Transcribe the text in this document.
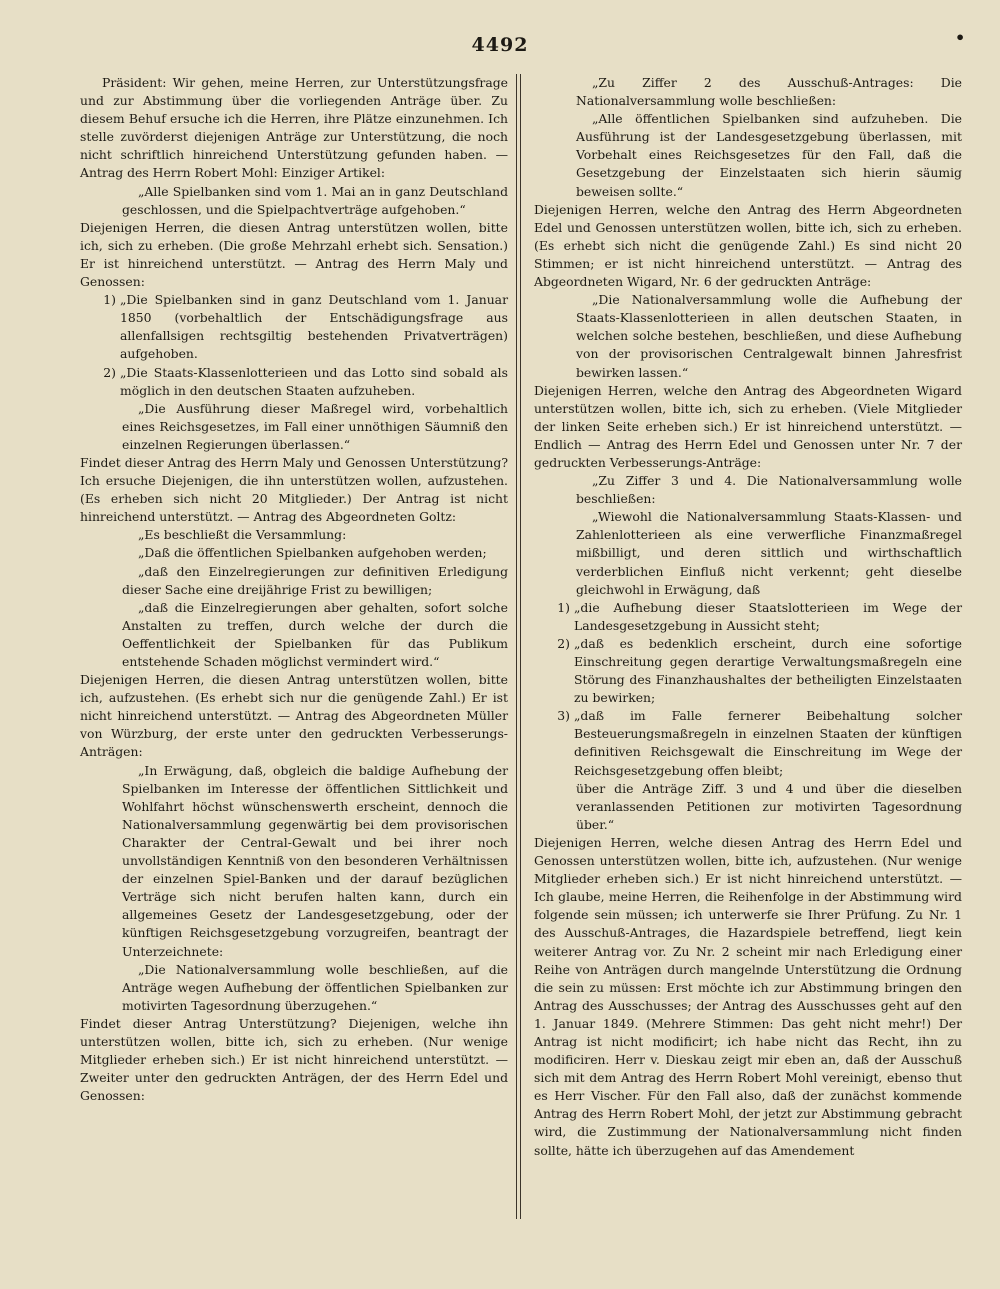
4492	•

Präsident: Wir gehen, meine Herren, zur Unterstützungsfrage und zur Abstimmung über die vorliegenden Anträge über. Zu diesem Behuf ersuche ich die Herren, ihre Plätze einzunehmen. Ich stelle zuvörderst diejenigen Anträge zur Unterstützung, die noch nicht schriftlich hinreichend Unterstützung gefunden haben. — Antrag des Herrn Robert Mohl: Einziger Artikel:

„Alle Spielbanken sind vom 1. Mai an in ganz Deutschland geschlossen, und die Spielpachtverträge aufgehoben.“

Diejenigen Herren, die diesen Antrag unterstützen wollen, bitte ich, sich zu erheben. (Die große Mehrzahl erhebt sich. Sensation.) Er ist hinreichend unterstützt. — Antrag des Herrn Maly und Genossen:

1) „Die Spielbanken sind in ganz Deutschland vom 1. Januar 1850 (vorbehaltlich der Entschädigungsfrage aus allenfallsigen rechtsgiltig bestehenden Privatverträgen) aufgehoben.
2) „Die Staats-Klassenlotterieen und das Lotto sind sobald als möglich in den deutschen Staaten aufzuheben.

„Die Ausführung dieser Maßregel wird, vorbehaltlich eines Reichsgesetzes, im Fall einer unnöthigen Säumniß den einzelnen Regierungen überlassen.“

Findet dieser Antrag des Herrn Maly und Genossen Unterstützung? Ich ersuche Diejenigen, die ihn unterstützen wollen, aufzustehen. (Es erheben sich nicht 20 Mitglieder.) Der Antrag ist nicht hinreichend unterstützt. — Antrag des Abgeordneten Goltz:

„Es beschließt die Versammlung:

„Daß die öffentlichen Spielbanken aufgehoben werden;

„daß den Einzelregierungen zur definitiven Erledigung dieser Sache eine dreijährige Frist zu bewilligen;

„daß die Einzelregierungen aber gehalten, sofort solche Anstalten zu treffen, durch welche der durch die Oeffentlichkeit der Spielbanken für das Publikum entstehende Schaden möglichst vermindert wird.“

Diejenigen Herren, die diesen Antrag unterstützen wollen, bitte ich, aufzustehen. (Es erhebt sich nur die genügende Zahl.) Er ist nicht hinreichend unterstützt. — Antrag des Abgeordneten Müller von Würzburg, der erste unter den gedruckten Verbesserungs-Anträgen:

„In Erwägung, daß, obgleich die baldige Aufhebung der Spielbanken im Interesse der öffentlichen Sittlichkeit und Wohlfahrt höchst wünschenswerth erscheint, dennoch die Nationalversammlung gegenwärtig bei dem provisorischen Charakter der Central-Gewalt und bei ihrer noch unvollständigen Kenntniß von den besonderen Verhältnissen der einzelnen Spiel-Banken und der darauf bezüglichen Verträge sich nicht berufen halten kann, durch ein allgemeines Gesetz der Landesgesetzgebung, oder der künftigen Reichsgesetzgebung vorzugreifen, beantragt der Unterzeichnete:

„Die Nationalversammlung wolle beschließen, auf die Anträge wegen Aufhebung der öffentlichen Spielbanken zur motivirten Tagesordnung überzugehen.“

Findet dieser Antrag Unterstützung? Diejenigen, welche ihn unterstützen wollen, bitte ich, sich zu erheben. (Nur wenige Mitglieder erheben sich.) Er ist nicht hinreichend unterstützt. — Zweiter unter den gedruckten Anträgen, der des Herrn Edel und Genossen:

„Zu Ziffer 2 des Ausschuß-Antrages: Die Nationalversammlung wolle beschließen:

„Alle öffentlichen Spielbanken sind aufzuheben. Die Ausführung ist der Landesgesetzgebung überlassen, mit Vorbehalt eines Reichsgesetzes für den Fall, daß die Gesetzgebung der Einzelstaaten sich hierin säumig beweisen sollte.“

Diejenigen Herren, welche den Antrag des Herrn Abgeordneten Edel und Genossen unterstützen wollen, bitte ich, sich zu erheben. (Es erhebt sich nicht die genügende Zahl.) Es sind nicht 20 Stimmen; er ist nicht hinreichend unterstützt. — Antrag des Abgeordneten Wigard, Nr. 6 der gedruckten Anträge:

„Die Nationalversammlung wolle die Aufhebung der Staats-Klassenlotterieen in allen deutschen Staaten, in welchen solche bestehen, beschließen, und diese Aufhebung von der provisorischen Centralgewalt binnen Jahresfrist bewirken lassen.“

Diejenigen Herren, welche den Antrag des Abgeordneten Wigard unterstützen wollen, bitte ich, sich zu erheben. (Viele Mitglieder der linken Seite erheben sich.) Er ist hinreichend unterstützt. — Endlich — Antrag des Herrn Edel und Genossen unter Nr. 7 der gedruckten Verbesserungs-Anträge:

„Zu Ziffer 3 und 4. Die Nationalversammlung wolle beschließen:

„Wiewohl die Nationalversammlung Staats-Klassen- und Zahlenlotterieen als eine verwerfliche Finanzmaßregel mißbilligt, und deren sittlich und wirthschaftlich verderblichen Einfluß nicht verkennt; geht dieselbe gleichwohl in Erwägung, daß

1) „die Aufhebung dieser Staatslotterieen im Wege der Landesgesetzgebung in Aussicht steht;
2) „daß es bedenklich erscheint, durch eine sofortige Einschreitung gegen derartige Verwaltungsmaßregeln eine Störung des Finanzhaushaltes der betheiligten Einzelstaaten zu bewirken;
3) „daß im Falle fernerer Beibehaltung solcher Besteuerungsmaßregeln in einzelnen Staaten der künftigen definitiven Reichsgewalt die Einschreitung im Wege der Reichsgesetzgebung offen bleibt;

über die Anträge Ziff. 3 und 4 und über die dieselben veranlassenden Petitionen zur motivirten Tagesordnung über.“

Diejenigen Herren, welche diesen Antrag des Herrn Edel und Genossen unterstützen wollen, bitte ich, aufzustehen. (Nur wenige Mitglieder erheben sich.) Er ist nicht hinreichend unterstützt. — Ich glaube, meine Herren, die Reihenfolge in der Abstimmung wird folgende sein müssen; ich unterwerfe sie Ihrer Prüfung. Zu Nr. 1 des Ausschuß-Antrages, die Hazardspiele betreffend, liegt kein weiterer Antrag vor. Zu Nr. 2 scheint mir nach Erledigung einer Reihe von Anträgen durch mangelnde Unterstützung die Ordnung die sein zu müssen: Erst möchte ich zur Abstimmung bringen den Antrag des Ausschusses; der Antrag des Ausschusses geht auf den 1. Januar 1849. (Mehrere Stimmen: Das geht nicht mehr!) Der Antrag ist nicht modificirt; ich habe nicht das Recht, ihn zu modificiren. Herr v. Dieskau zeigt mir eben an, daß der Ausschuß sich mit dem Antrag des Herrn Robert Mohl vereinigt, ebenso thut es Herr Vischer. Für den Fall also, daß der zunächst kommende Antrag des Herrn Robert Mohl, der jetzt zur Abstimmung gebracht wird, die Zustimmung der Nationalversammlung nicht finden sollte, hätte ich überzugehen auf das Amendement
